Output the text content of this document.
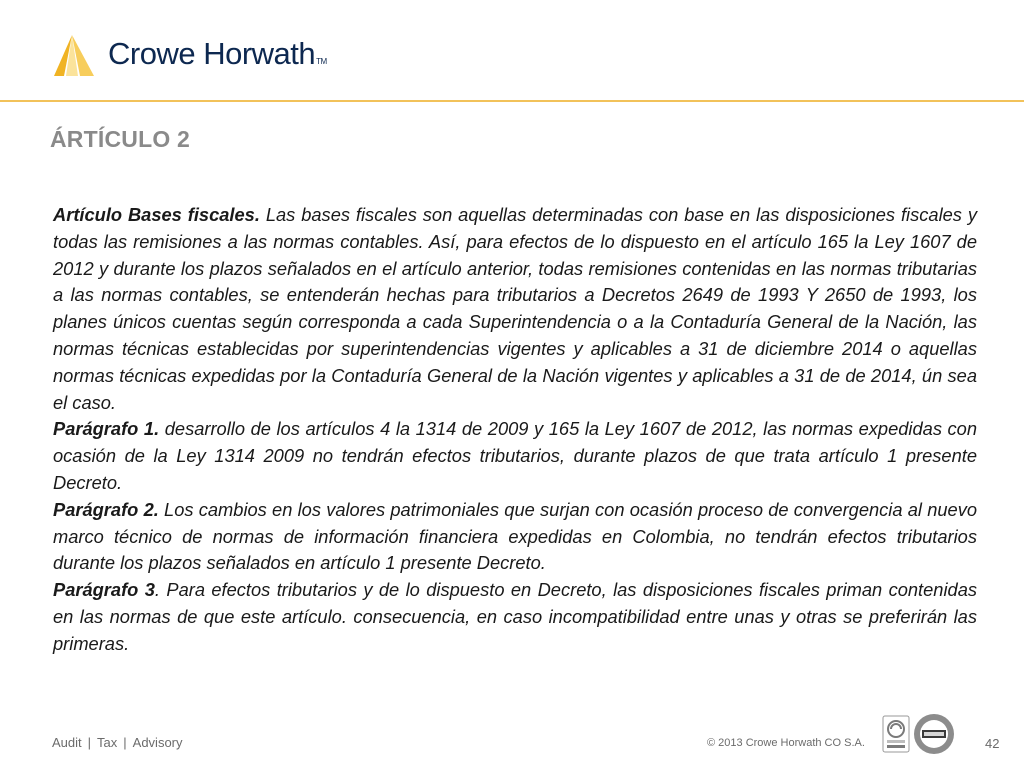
Crowe HorwathTM
ÁRTÍCULO 2

Artículo Bases fiscales. Las bases fiscales son aquellas determinadas con base en las disposiciones fiscales y todas las remisiones a las normas contables. Así, para efectos de lo dispuesto en el artículo 165 la Ley 1607 de 2012 y durante los plazos señalados en el artículo anterior, todas remisiones contenidas en las normas tributarias a las normas contables, se entenderán hechas para tributarios a Decretos 2649 de 1993 Y 2650 de 1993, los planes únicos cuentas según corresponda a cada Superintendencia o a la Contaduría General de la Nación, las normas técnicas establecidas por superintendencias vigentes y aplicables a 31 de diciembre 2014 o aquellas normas técnicas expedidas por la Contaduría General de la Nación vigentes y aplicables a 31 de de 2014, ún sea el caso.

Parágrafo 1. desarrollo de los artículos 4 la 1314 de 2009 y 165 la Ley 1607 de 2012, las normas expedidas con ocasión de la Ley 1314 2009 no tendrán efectos tributarios, durante plazos de que trata artículo 1 presente Decreto.

Parágrafo 2. Los cambios en los valores patrimoniales que surjan con ocasión proceso de convergencia al nuevo marco técnico de normas de información financiera expedidas en Colombia, no tendrán efectos tributarios durante los plazos señalados en artículo 1 presente Decreto.

Parágrafo 3. Para efectos tributarios y de lo dispuesto en Decreto, las disposiciones fiscales priman contenidas en las normas de que este artículo. consecuencia, en caso incompatibilidad entre unas y otras se preferirán las primeras.

Audit | Tax | Advisory	© 2013 Crowe Horwath CO S.A.	42
